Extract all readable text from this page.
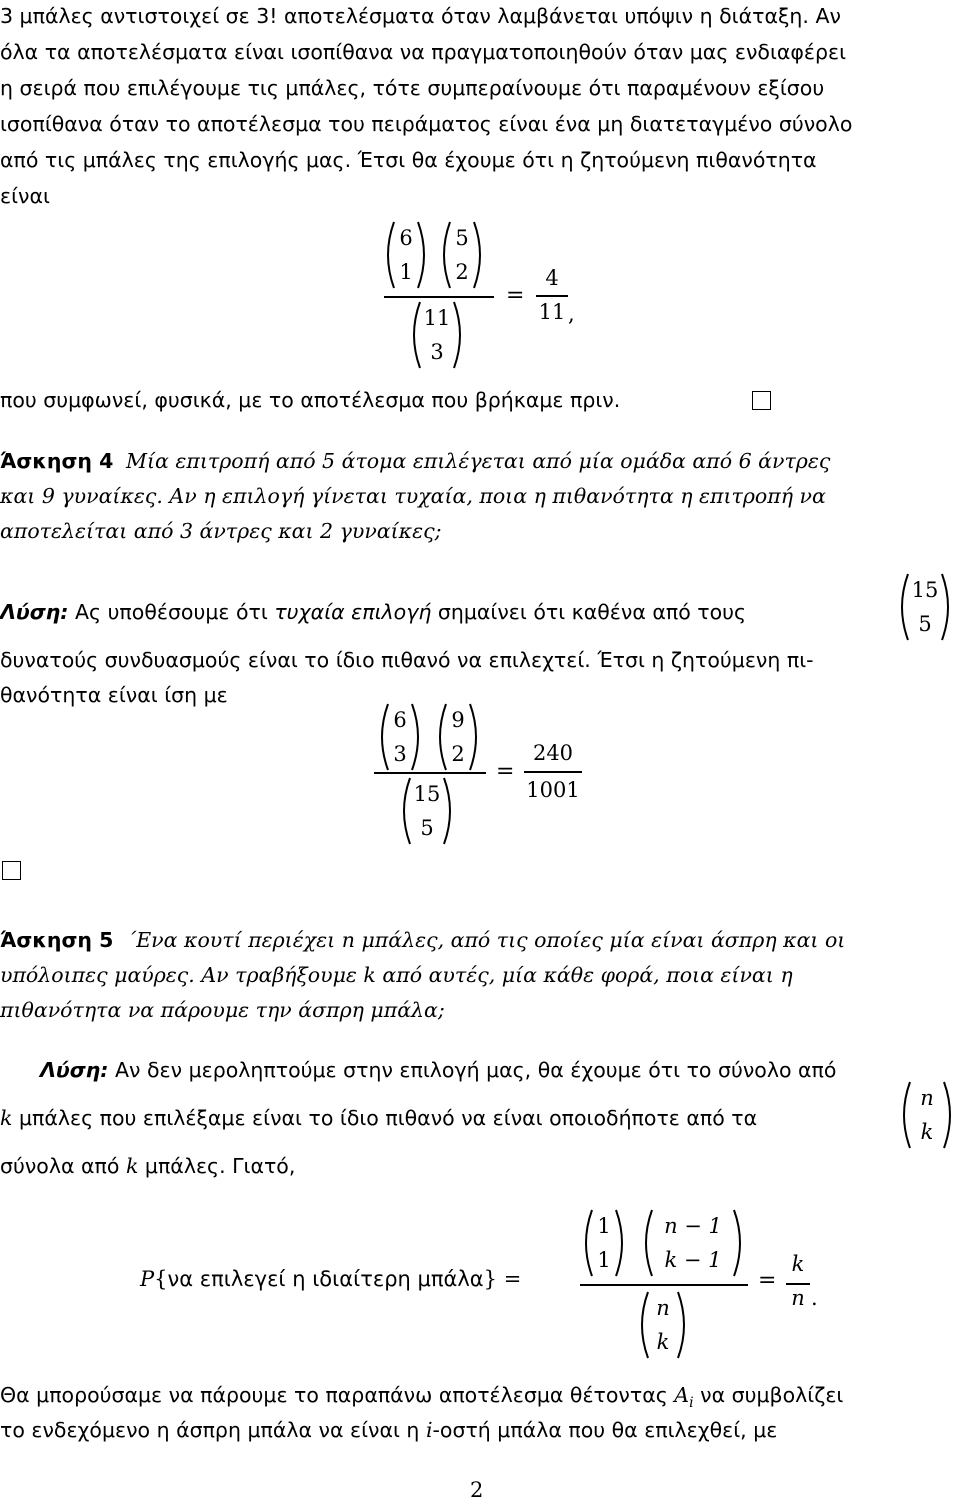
3 μπάλες αντιστοιχεί σε 3! αποτελέσματα όταν λαμβάνεται υπόψιν η διάταξη. Αν
όλα τα αποτελέσματα είναι ισοπίθανα να πραγματοποιηθούν όταν μας ενδιαφέρει
η σειρά που επιλέγουμε τις μπάλες, τότε συμπεραίνουμε ότι παραμένουν εξίσου
ισοπίθανα όταν το αποτέλεσμα του πειράματος είναι ένα μη διατεταγμένο σύνολο
από τις μπάλες της επιλογής μας. Έτσι θα έχουμε ότι η ζητούμενη πιθανότητα
είναι
6
1
5
2
11
3
=
4
11 ,
που συμφωνεί, φυσικά, με το αποτέλεσμα που βρήκαμε πριν.
Άσκηση 4 Μία επιτροπή από 5 άτομα επιλέγεται από μία ομάδα από 6 άντρες
και 9 γυναίκες. Αν η επιλογή γίνεται τυχαία, ποια η πιθανότητα η επιτροπή να
αποτελείται από 3 άντρες και 2 γυναίκες;
Λύση: Ας υποθέσουμε ότι τυχαία επιλογή σημαίνει ότι καθένα από τους
15
5
δυνατούς συνδυασμούς είναι το ίδιο πιθανό να επιλεχτεί. Έτσι η ζητούμενη πι-
θανότητα είναι ίση με
6
3
9
2
15
5
=
240
1001
Άσκηση 5 ΄Ενα κουτί περιέχει n μπάλες, από τις οποίες μία είναι άσπρη και οι
υπόλοιπες μαύρες. Αν τραβήξουμε k από αυτές, μία κάθε φορά, ποια είναι η
πιθανότητα να πάρουμε την άσπρη μπάλα;
Λύση: Αν δεν μεροληπτούμε στην επιλογή μας, θα έχουμε ότι το σύνολο από
k μπάλες που επιλέξαμε είναι το ίδιο πιθανό να είναι οποιοδήποτε από τα
n
k
σύνολα από k μπάλες. Γιατό,
P{να επιλεγεί η ιδιαίτερη μπάλα} =
1
1
n − 1
k − 1
n
k
=
k
n .
Θα μπορούσαμε να πάρουμε το παραπάνω αποτέλεσμα θέτοντας $A_i$ να συμβολίζει
το ενδεχόμενο η άσπρη μπάλα να είναι η i-οστή μπάλα που θα επιλεχθεί, με
2
